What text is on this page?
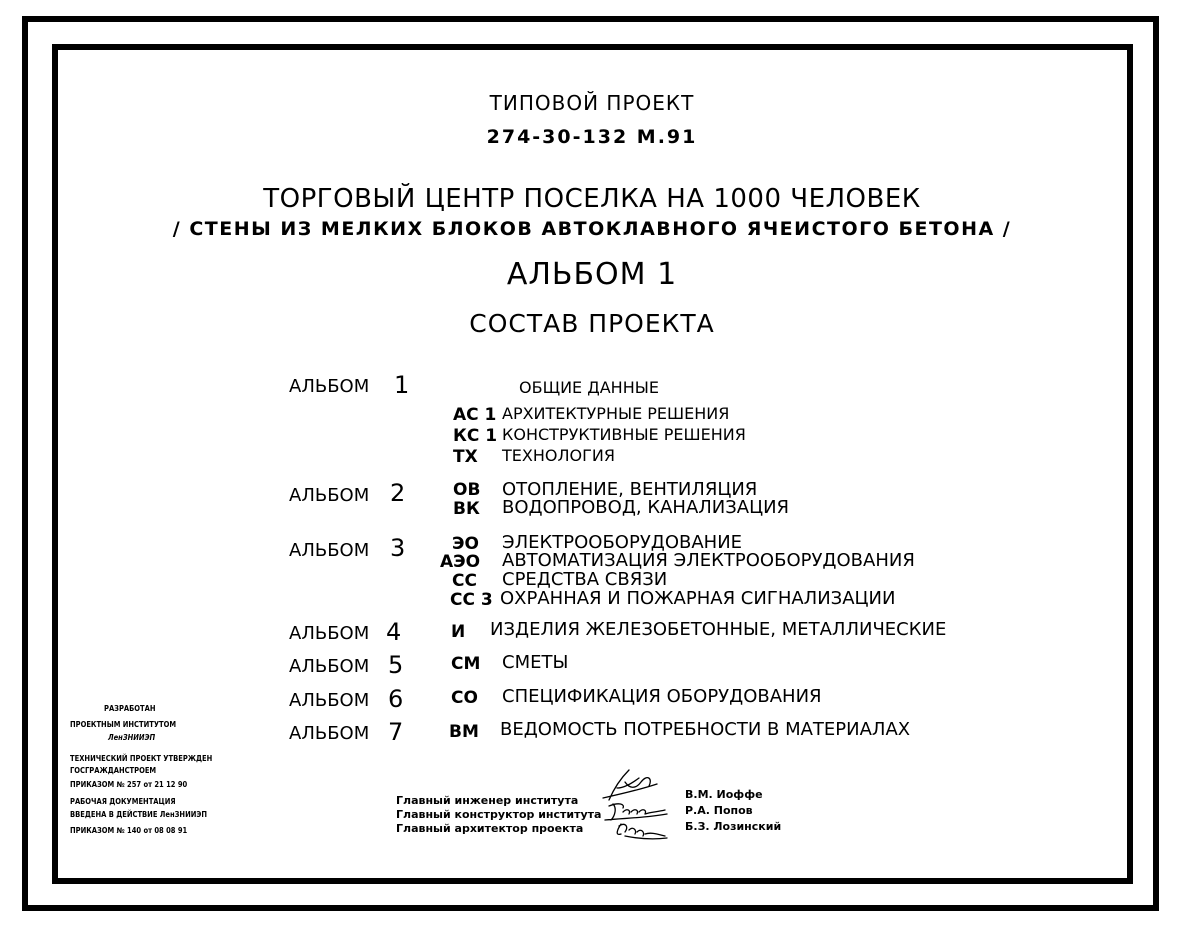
ТИПОВОЙ ПРОЕКТ
274-30-132 М.91
ТОРГОВЫЙ ЦЕНТР ПОСЕЛКА НА 1000 ЧЕЛОВЕК
/ СТЕНЫ ИЗ МЕЛКИХ БЛОКОВ АВТОКЛАВНОГО ЯЧЕИСТОГО БЕТОНА /
АЛЬБОМ 1
СОСТАВ ПРОЕКТА
АЛЬБОМ 1	ОБЩИЕ ДАННЫЕ
АС 1 АРХИТЕКТУРНЫЕ РЕШЕНИЯ
КС 1 КОНСТРУКТИВНЫЕ РЕШЕНИЯ
ТХ ТЕХНОЛОГИЯ
АЛЬБОМ 2	ОВ ОТОПЛЕНИЕ, ВЕНТИЛЯЦИЯ
ВК ВОДОПРОВОД, КАНАЛИЗАЦИЯ
АЛЬБОМ 3	ЭО ЭЛЕКТРООБОРУДОВАНИЕ
АЭО АВТОМАТИЗАЦИЯ ЭЛЕКТРООБОРУДОВАНИЯ
СС СРЕДСТВА СВЯЗИ
СС 3 ОХРАННАЯ И ПОЖАРНАЯ СИГНАЛИЗАЦИИ
АЛЬБОМ 4	И ИЗДЕЛИЯ ЖЕЛЕЗОБЕТОННЫЕ, МЕТАЛЛИЧЕСКИЕ
АЛЬБОМ 5	СМ СМЕТЫ
АЛЬБОМ 6	СО СПЕЦИФИКАЦИЯ ОБОРУДОВАНИЯ
АЛЬБОМ 7	ВМ ВЕДОМОСТЬ ПОТРЕБНОСТИ В МАТЕРИАЛАХ
РАЗРАБОТАН
ПРОЕКТНЫМ ИНСТИТУТОМ
ЛенЗНИИЭП
ТЕХНИЧЕСКИЙ ПРОЕКТ УТВЕРЖДЕН
ГОСГРАЖДАНСТРОЕМ
ПРИКАЗОМ № 257 от 21 12 90
РАБОЧАЯ ДОКУМЕНТАЦИЯ
ВВЕДЕНА В ДЕЙСТВИЕ ЛенЗНИИЭП
ПРИКАЗОМ № 140 от 08 08 91
Главный инженер института
Главный конструктор института
Главный архитектор проекта
В.М. Иоффе
Р.А. Попов
Б.З. Лозинский
